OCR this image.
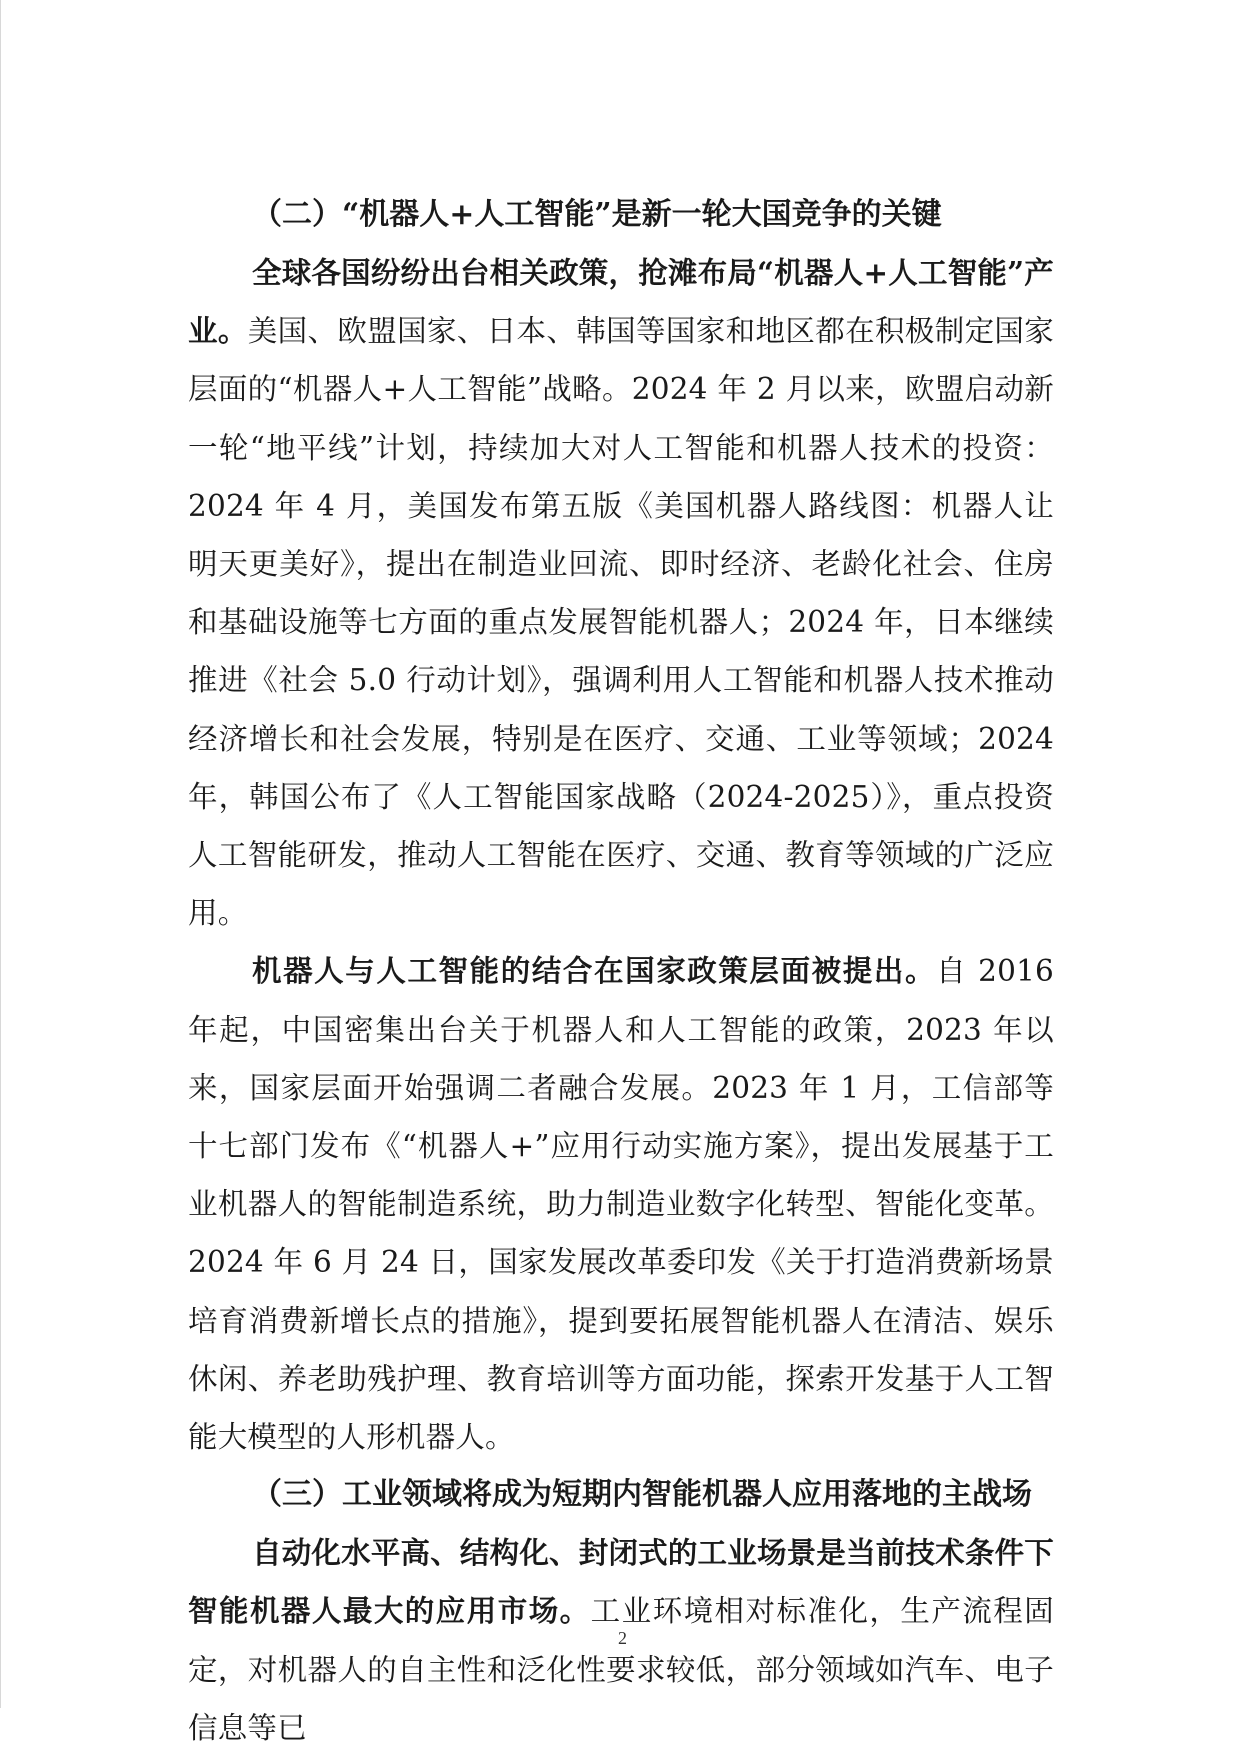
（二）“机器人+人工智能”是新一轮大国竞争的关键

全球各国纷纷出台相关政策，抢滩布局“机器人+人工智能”产业。美国、欧盟国家、日本、韩国等国家和地区都在积极制定国家层面的“机器人+人工智能”战略。2024 年 2 月以来，欧盟启动新一轮“地平线”计划，持续加大对人工智能和机器人技术的投资：2024 年 4 月，美国发布第五版《美国机器人路线图：机器人让明天更美好》，提出在制造业回流、即时经济、老龄化社会、住房和基础设施等七方面的重点发展智能机器人；2024 年，日本继续推进《社会 5.0 行动计划》，强调利用人工智能和机器人技术推动经济增长和社会发展，特别是在医疗、交通、工业等领域；2024 年，韩国公布了《人工智能国家战略（2024-2025）》，重点投资人工智能研发，推动人工智能在医疗、交通、教育等领域的广泛应用。

机器人与人工智能的结合在国家政策层面被提出。自 2016 年起，中国密集出台关于机器人和人工智能的政策，2023 年以来，国家层面开始强调二者融合发展。2023 年 1 月，工信部等十七部门发布《“机器人+”应用行动实施方案》，提出发展基于工业机器人的智能制造系统，助力制造业数字化转型、智能化变革。2024 年 6 月 24 日，国家发展改革委印发《关于打造消费新场景培育消费新增长点的措施》，提到要拓展智能机器人在清洁、娱乐休闲、养老助残护理、教育培训等方面功能，探索开发基于人工智能大模型的人形机器人。

（三）工业领域将成为短期内智能机器人应用落地的主战场

自动化水平高、结构化、封闭式的工业场景是当前技术条件下智能机器人最大的应用市场。工业环境相对标准化，生产流程固定，对机器人的自主性和泛化性要求较低，部分领域如汽车、电子信息等已

2
